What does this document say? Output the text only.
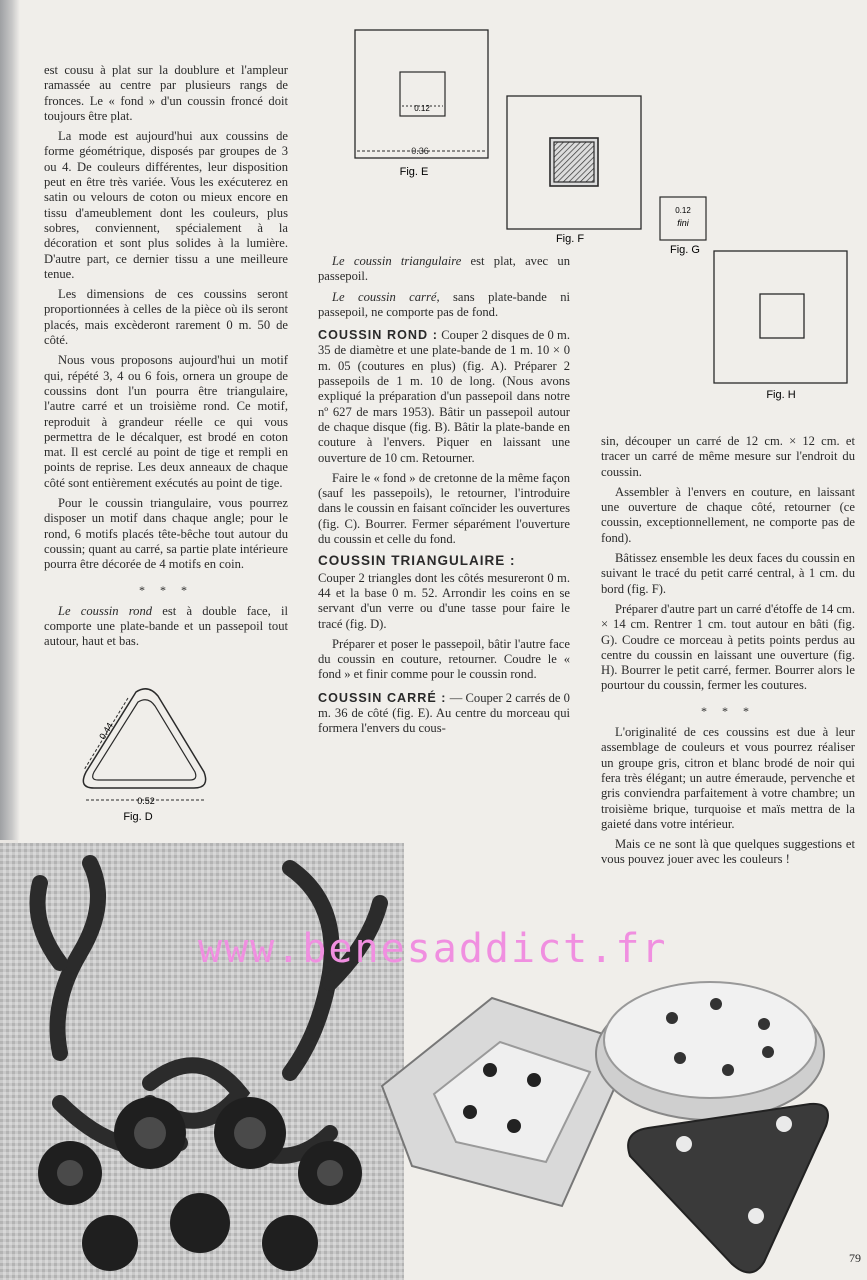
est cousu à plat sur la doublure et l'ampleur ramassée au centre par plusieurs rangs de fronces. Le « fond » d'un coussin froncé doit toujours être plat.

La mode est aujourd'hui aux coussins de forme géométrique, disposés par groupes de 3 ou 4. De couleurs différentes, leur disposition peut en être très variée. Vous les exécuterez en satin ou velours de coton ou mieux encore en tissu d'ameublement dont les couleurs, plus sobres, conviennent, spécialement à la décoration et sont plus solides à la lumière. D'autre part, ce dernier tissu a une meilleure tenue.

Les dimensions de ces coussins seront proportionnées à celles de la pièce où ils seront placés, mais excèderont rarement 0 m. 50 de côté.

Nous vous proposons aujourd'hui un motif qui, répété 3, 4 ou 6 fois, ornera un groupe de coussins dont l'un pourra être triangulaire, l'autre carré et un troisième rond. Ce motif, reproduit à grandeur réelle ce qui vous permettra de le décalquer, est brodé en coton mat. Il est cerclé au point de tige et rempli en points de reprise. Les deux anneaux de chaque côté sont entièrement exécutés au point de tige.

Pour le coussin triangulaire, vous pourrez disposer un motif dans chaque angle; pour le rond, 6 motifs placés tête-bêche tout autour du coussin; quant au carré, sa partie plate intérieure pourra être décorée de 4 motifs en coin.

* * *

Le coussin rond est à double face, il comporte une plate-bande et un passepoil tout autour, haut et bas.

Le coussin triangulaire est plat, avec un passepoil.

Le coussin carré, sans plate-bande ni passepoil, ne comporte pas de fond.

COUSSIN ROND : Couper 2 disques de 0 m. 35 de diamètre et une plate-bande de 1 m. 10 × 0 m. 05 (coutures en plus) (fig. A). Préparer 2 passepoils de 1 m. 10 de long. (Nous avons expliqué la préparation d'un passepoil dans notre nº 627 de mars 1953). Bâtir un passepoil autour de chaque disque (fig. B). Bâtir la plate-bande en couture à l'envers. Piquer en laissant une ouverture de 10 cm. Retourner.

Faire le « fond » de cretonne de la même façon (sauf les passepoils), le retourner, l'introduire dans le coussin en faisant coïncider les ouvertures (fig. C). Bourrer. Fermer séparément l'ouverture du coussin et celle du fond.

COUSSIN TRIANGULAIRE :

Couper 2 triangles dont les côtés mesureront 0 m. 44 et la base 0 m. 52. Arrondir les coins en se servant d'un verre ou d'une tasse pour faire le tracé (fig. D).

Préparer et poser le passepoil, bâtir l'autre face du coussin en couture, retourner. Coudre le « fond » et finir comme pour le coussin rond.

COUSSIN CARRÉ : — Couper 2 carrés de 0 m. 36 de côté (fig. E). Au centre du morceau qui formera l'envers du cous-

sin, découper un carré de 12 cm. × 12 cm. et tracer un carré de même mesure sur l'endroit du coussin.

Assembler à l'envers en couture, en laissant une ouverture de chaque côté, retourner (ce coussin, exceptionnellement, ne comporte pas de fond).

Bâtissez ensemble les deux faces du coussin en suivant le tracé du petit carré central, à 1 cm. du bord (fig. F).

Préparer d'autre part un carré d'étoffe de 14 cm. × 14 cm. Rentrer 1 cm. tout autour en bâti (fig. G). Coudre ce morceau à petits points perdus au centre du coussin en laissant une ouverture (fig. H). Bourrer le petit carré, fermer. Bourrer alors le pourtour du coussin, fermer les coutures.

* * *

L'originalité de ces coussins est due à leur assemblage de couleurs et vous pourrez réaliser un groupe gris, citron et blanc brodé de noir qui fera très élégant; un autre émeraude, pervenche et gris conviendra parfaitement à votre chambre; un troisième brique, turquoise et maïs mettra de la gaieté dans votre intérieur.

Mais ce ne sont là que quelques suggestions et vous pouvez jouer avec les couleurs !

0.12
0.36
Fig. E
Fig. F
0.12
fini
Fig. G
Fig. H
0.44
0.52
Fig. D
www.benesaddict.fr
79
